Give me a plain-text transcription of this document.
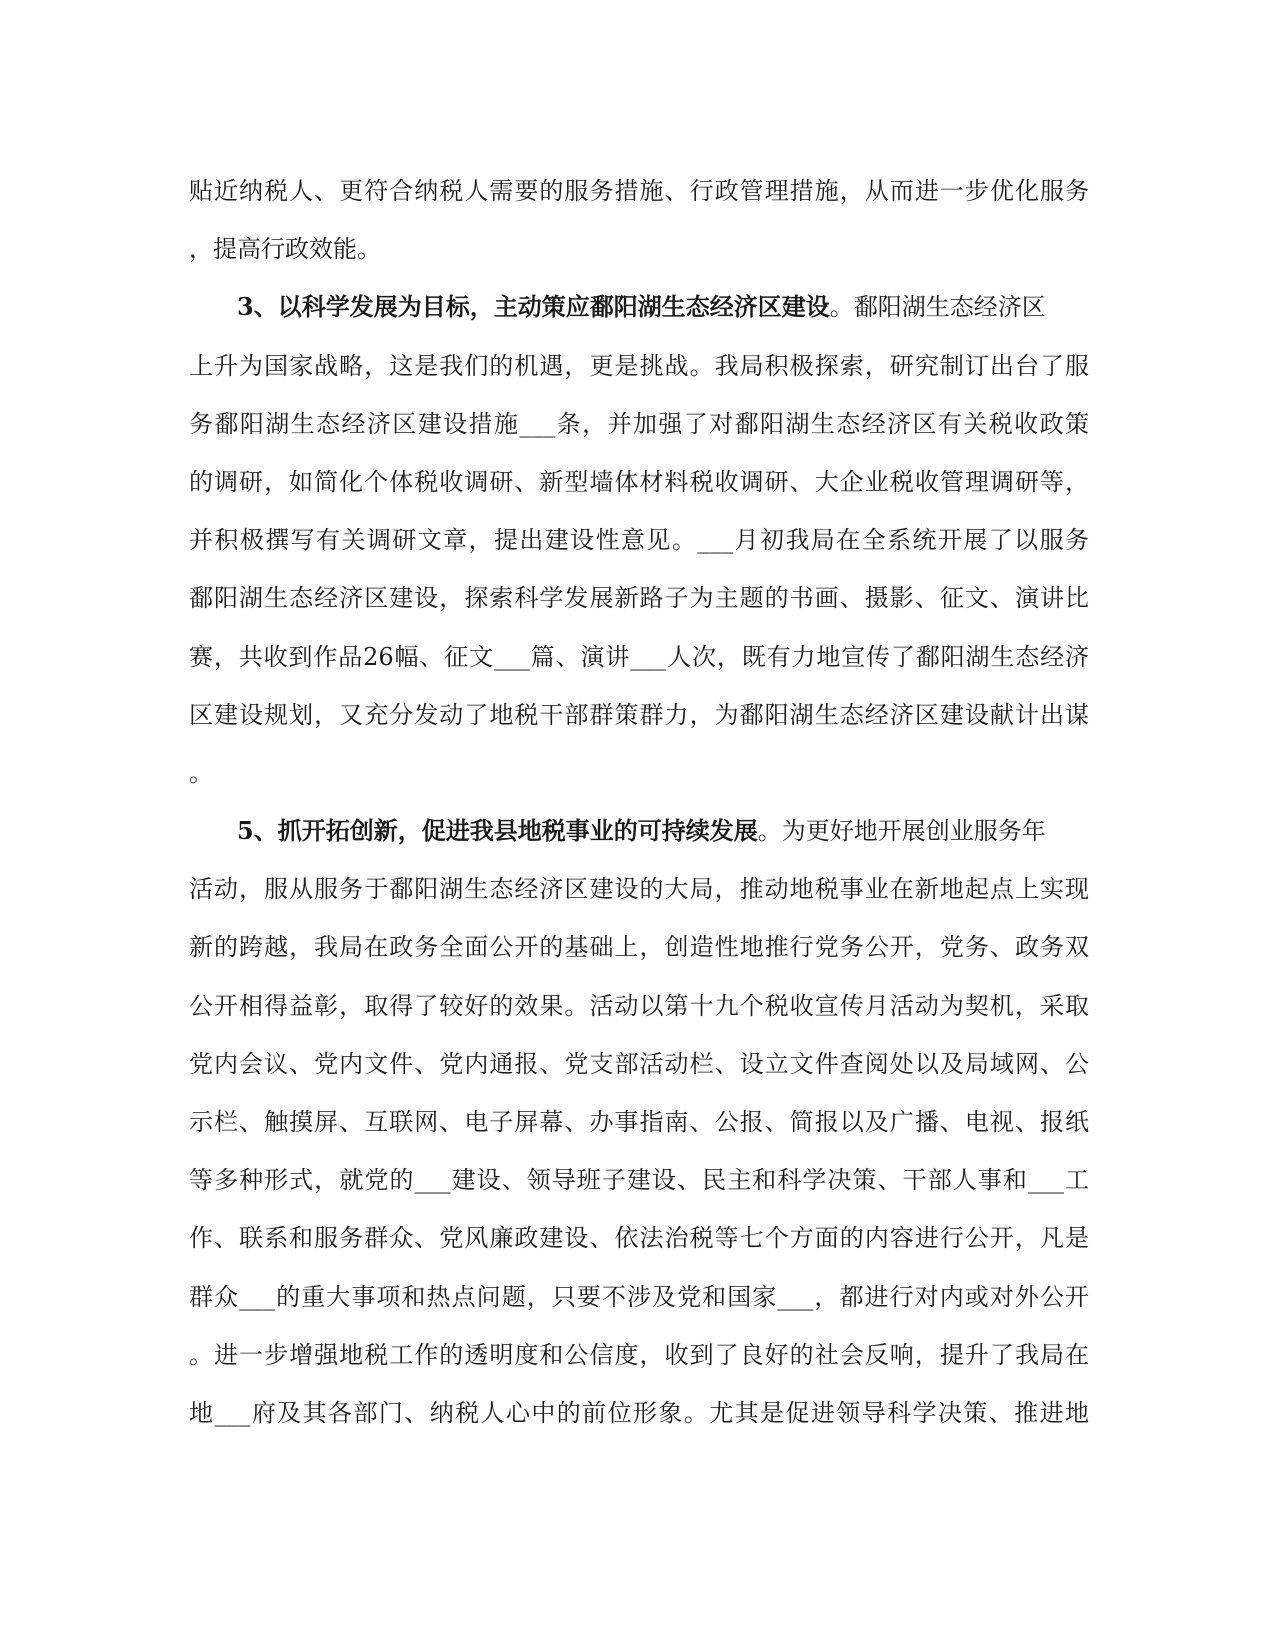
贴近纳税人、更符合纳税人需要的服务措施、行政管理措施，从而进一步优化服务
，提高行政效能。
3、以科学发展为目标，主动策应鄱阳湖生态经济区建设。鄱阳湖生态经济区
上升为国家战略，这是我们的机遇，更是挑战。我局积极探索，研究制订出台了服
务鄱阳湖生态经济区建设措施___条，并加强了对鄱阳湖生态经济区有关税收政策
的调研，如简化个体税收调研、新型墙体材料税收调研、大企业税收管理调研等，
并积极撰写有关调研文章，提出建设性意见。___月初我局在全系统开展了以服务
鄱阳湖生态经济区建设，探索科学发展新路子为主题的书画、摄影、征文、演讲比
赛，共收到作品26幅、征文___篇、演讲___人次，既有力地宣传了鄱阳湖生态经济
区建设规划，又充分发动了地税干部群策群力，为鄱阳湖生态经济区建设献计出谋
。
5、抓开拓创新，促进我县地税事业的可持续发展。为更好地开展创业服务年
活动，服从服务于鄱阳湖生态经济区建设的大局，推动地税事业在新地起点上实现
新的跨越，我局在政务全面公开的基础上，创造性地推行党务公开，党务、政务双
公开相得益彰，取得了较好的效果。活动以第十九个税收宣传月活动为契机，采取
党内会议、党内文件、党内通报、党支部活动栏、设立文件查阅处以及局域网、公
示栏、触摸屏、互联网、电子屏幕、办事指南、公报、简报以及广播、电视、报纸
等多种形式，就党的___建设、领导班子建设、民主和科学决策、干部人事和___工
作、联系和服务群众、党风廉政建设、依法治税等七个方面的内容进行公开，凡是
群众___的重大事项和热点问题，只要不涉及党和国家___，都进行对内或对外公开
。进一步增强地税工作的透明度和公信度，收到了良好的社会反响，提升了我局在
地___府及其各部门、纳税人心中的前位形象。尤其是促进领导科学决策、推进地
